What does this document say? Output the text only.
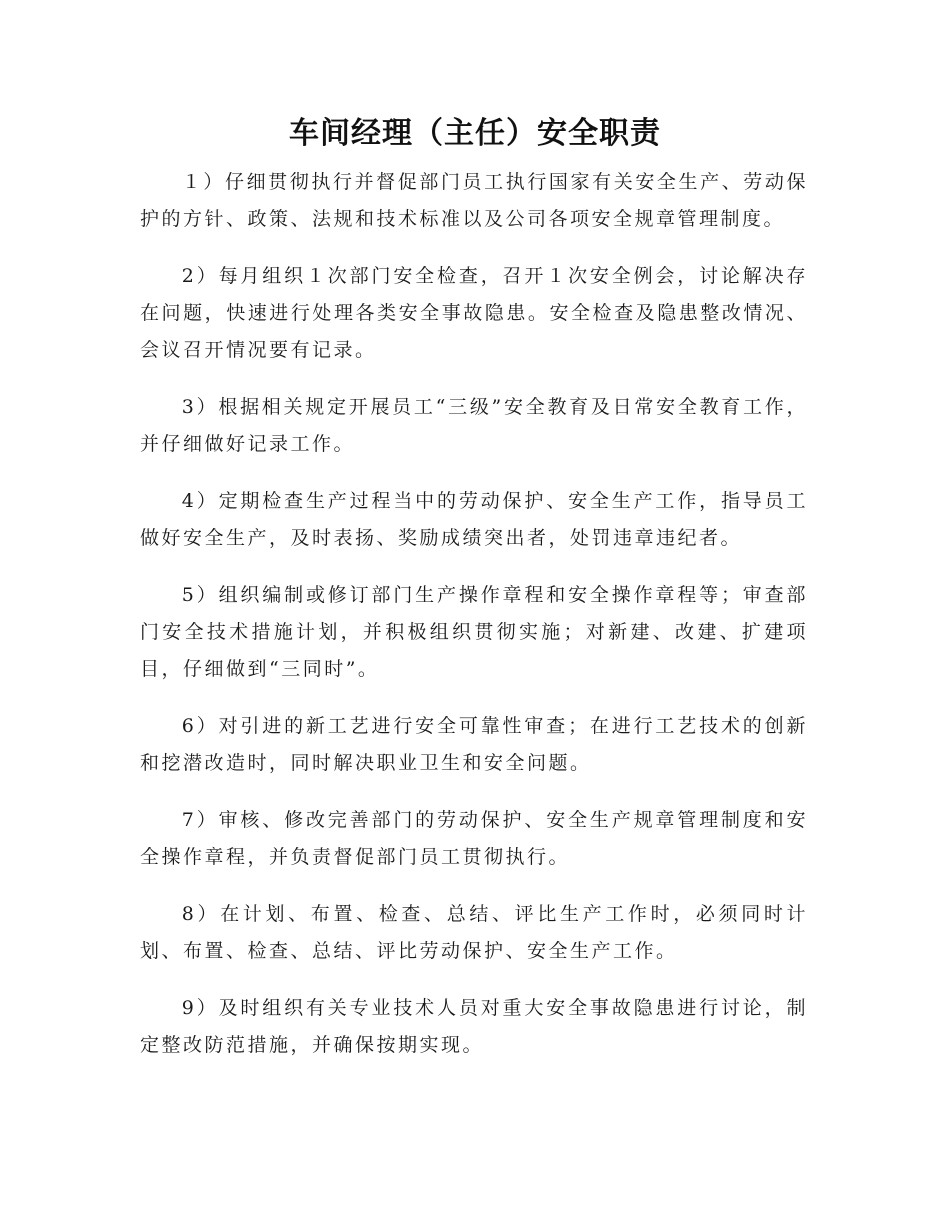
车间经理（主任）安全职责

１）仔细贯彻执行并督促部门员工执行国家有关安全生产、劳动保护的方针、政策、法规和技术标准以及公司各项安全规章管理制度。

2）每月组织１次部门安全检查，召开１次安全例会，讨论解决存在问题，快速进行处理各类安全事故隐患。安全检查及隐患整改情况、会议召开情况要有记录。

3）根据相关规定开展员工“三级”安全教育及日常安全教育工作，并仔细做好记录工作。

4）定期检查生产过程当中的劳动保护、安全生产工作，指导员工做好安全生产，及时表扬、奖励成绩突出者，处罚违章违纪者。

5）组织编制或修订部门生产操作章程和安全操作章程等；审查部门安全技术措施计划，并积极组织贯彻实施；对新建、改建、扩建项目，仔细做到“三同时”。

6）对引进的新工艺进行安全可靠性审查；在进行工艺技术的创新和挖潜改造时，同时解决职业卫生和安全问题。

7）审核、修改完善部门的劳动保护、安全生产规章管理制度和安全操作章程，并负责督促部门员工贯彻执行。

8）在计划、布置、检查、总结、评比生产工作时，必须同时计划、布置、检查、总结、评比劳动保护、安全生产工作。

9）及时组织有关专业技术人员对重大安全事故隐患进行讨论，制定整改防范措施，并确保按期实现。
